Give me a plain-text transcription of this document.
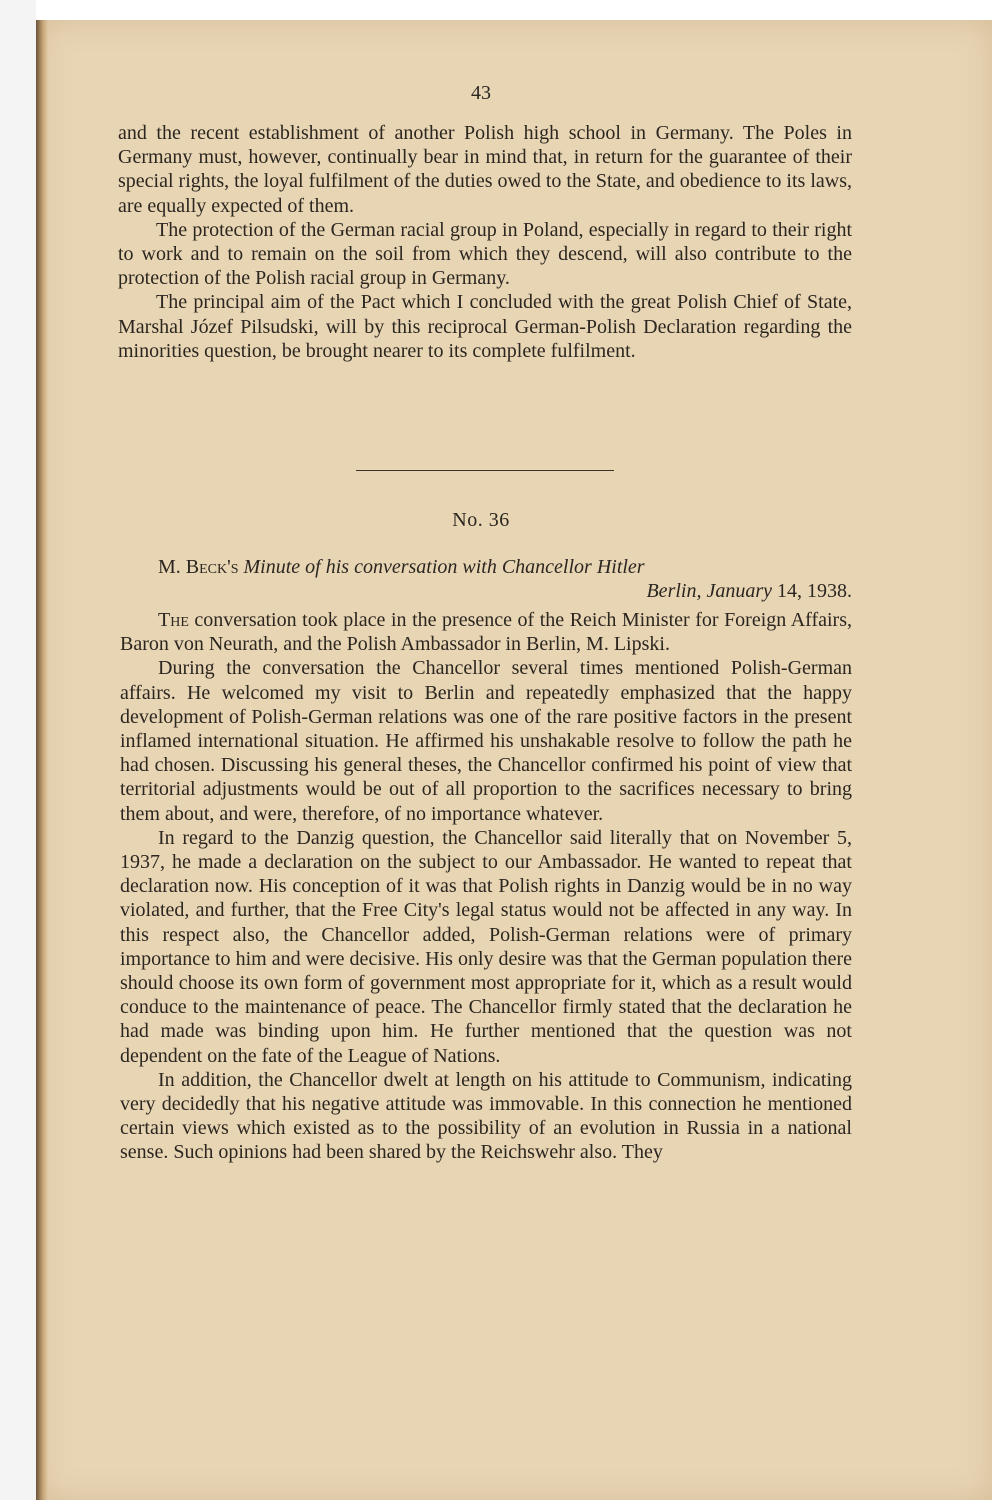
43

and the recent establishment of another Polish high school in Germany. The Poles in Germany must, however, continually bear in mind that, in return for the guarantee of their special rights, the loyal fulfilment of the duties owed to the State, and obedience to its laws, are equally expected of them.

The protection of the German racial group in Poland, especially in regard to their right to work and to remain on the soil from which they descend, will also contribute to the protection of the Polish racial group in Germany.

The principal aim of the Pact which I concluded with the great Polish Chief of State, Marshal Józef Pilsudski, will by this reciprocal German-Polish Declaration regarding the minorities question, be brought nearer to its complete fulfilment.

No. 36
M. Beck's Minute of his conversation with Chancellor Hitler
Berlin, January 14, 1938.

The conversation took place in the presence of the Reich Minister for Foreign Affairs, Baron von Neurath, and the Polish Ambassador in Berlin, M. Lipski.

During the conversation the Chancellor several times mentioned Polish-German affairs. He welcomed my visit to Berlin and repeatedly emphasized that the happy development of Polish-German relations was one of the rare positive factors in the present inflamed international situation. He affirmed his unshakable resolve to follow the path he had chosen. Discussing his general theses, the Chancellor confirmed his point of view that territorial adjustments would be out of all proportion to the sacrifices necessary to bring them about, and were, therefore, of no importance whatever.

In regard to the Danzig question, the Chancellor said literally that on November 5, 1937, he made a declaration on the subject to our Ambassador. He wanted to repeat that declaration now. His conception of it was that Polish rights in Danzig would be in no way violated, and further, that the Free City's legal status would not be affected in any way. In this respect also, the Chancellor added, Polish-German relations were of primary importance to him and were decisive. His only desire was that the German population there should choose its own form of government most appropriate for it, which as a result would conduce to the maintenance of peace. The Chancellor firmly stated that the declaration he had made was binding upon him. He further mentioned that the question was not dependent on the fate of the League of Nations.

In addition, the Chancellor dwelt at length on his attitude to Communism, indicating very decidedly that his negative attitude was immovable. In this connection he mentioned certain views which existed as to the possibility of an evolution in Russia in a national sense. Such opinions had been shared by the Reichswehr also. They
